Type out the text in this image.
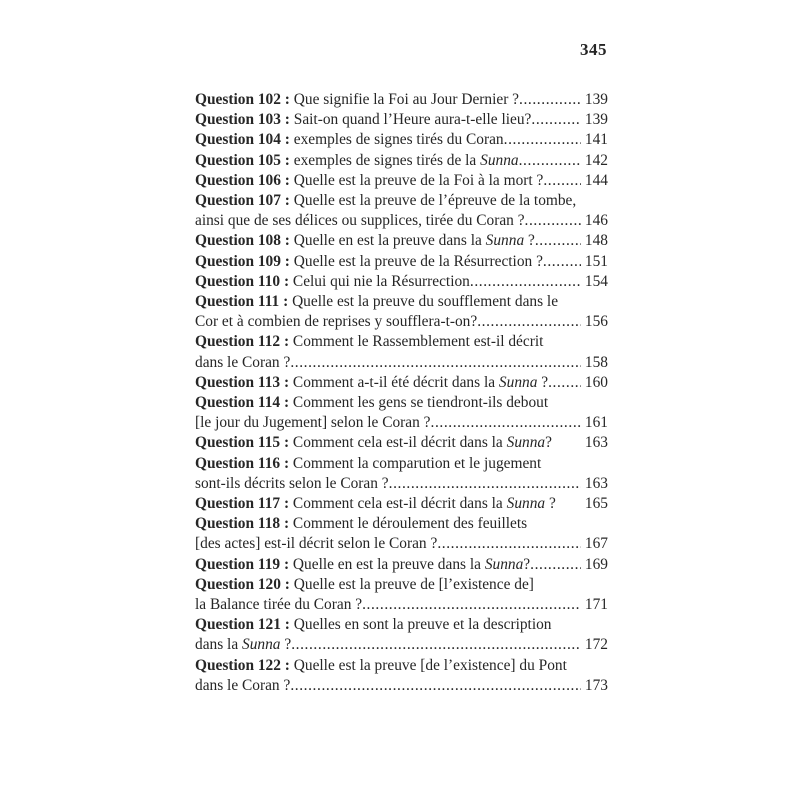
345
Question 102 : Que signifie la Foi au Jour Dernier ? .....	139
Question 103 : Sait-on quand l’Heure aura-t-elle lieu? .....	139
Question 104 : exemples de signes tirés du Coran .....	141
Question 105 : exemples de signes tirés de la Sunna .....	142
Question 106 : Quelle est la preuve de la Foi à la mort ? .....	144
Question 107 : Quelle est la preuve de l’épreuve de la tombe,
ainsi que de ses délices ou supplices, tirée du Coran ? .....	146
Question 108 : Quelle en est la preuve dans la Sunna ? .....	148
Question 109 : Quelle est la preuve de la Résurrection ? .....	151
Question 110 : Celui qui nie la Résurrection .....	154
Question 111 : Quelle est la preuve du soufflement dans le
Cor et à combien de reprises y soufflera-t-on? .....	156
Question 112 : Comment le Rassemblement est-il décrit
dans le Coran ? .....	158
Question 113 : Comment a-t-il été décrit dans la Sunna ? ..... 160
Question 114 : Comment les gens se tiendront-ils debout
[le jour du Jugement] selon le Coran ? .....	161
Question 115 : Comment cela est-il décrit dans la Sunna? 163
Question 116 : Comment la comparution et le jugement
sont-ils décrits selon le Coran ? .....	163
Question 117 : Comment cela est-il décrit dans la Sunna ? 165
Question 118 : Comment le déroulement des feuillets
[des actes] est-il décrit selon le Coran ? .....	167
Question 119 : Quelle en est la preuve dans la Sunna? .....	169
Question 120 : Quelle est la preuve de [l’existence de]
la Balance tirée du Coran ? .....	171
Question 121 : Quelles en sont la preuve et la description
dans la Sunna ? .....	172
Question 122 : Quelle est la preuve [de l’existence] du Pont
dans le Coran ? .....	173
